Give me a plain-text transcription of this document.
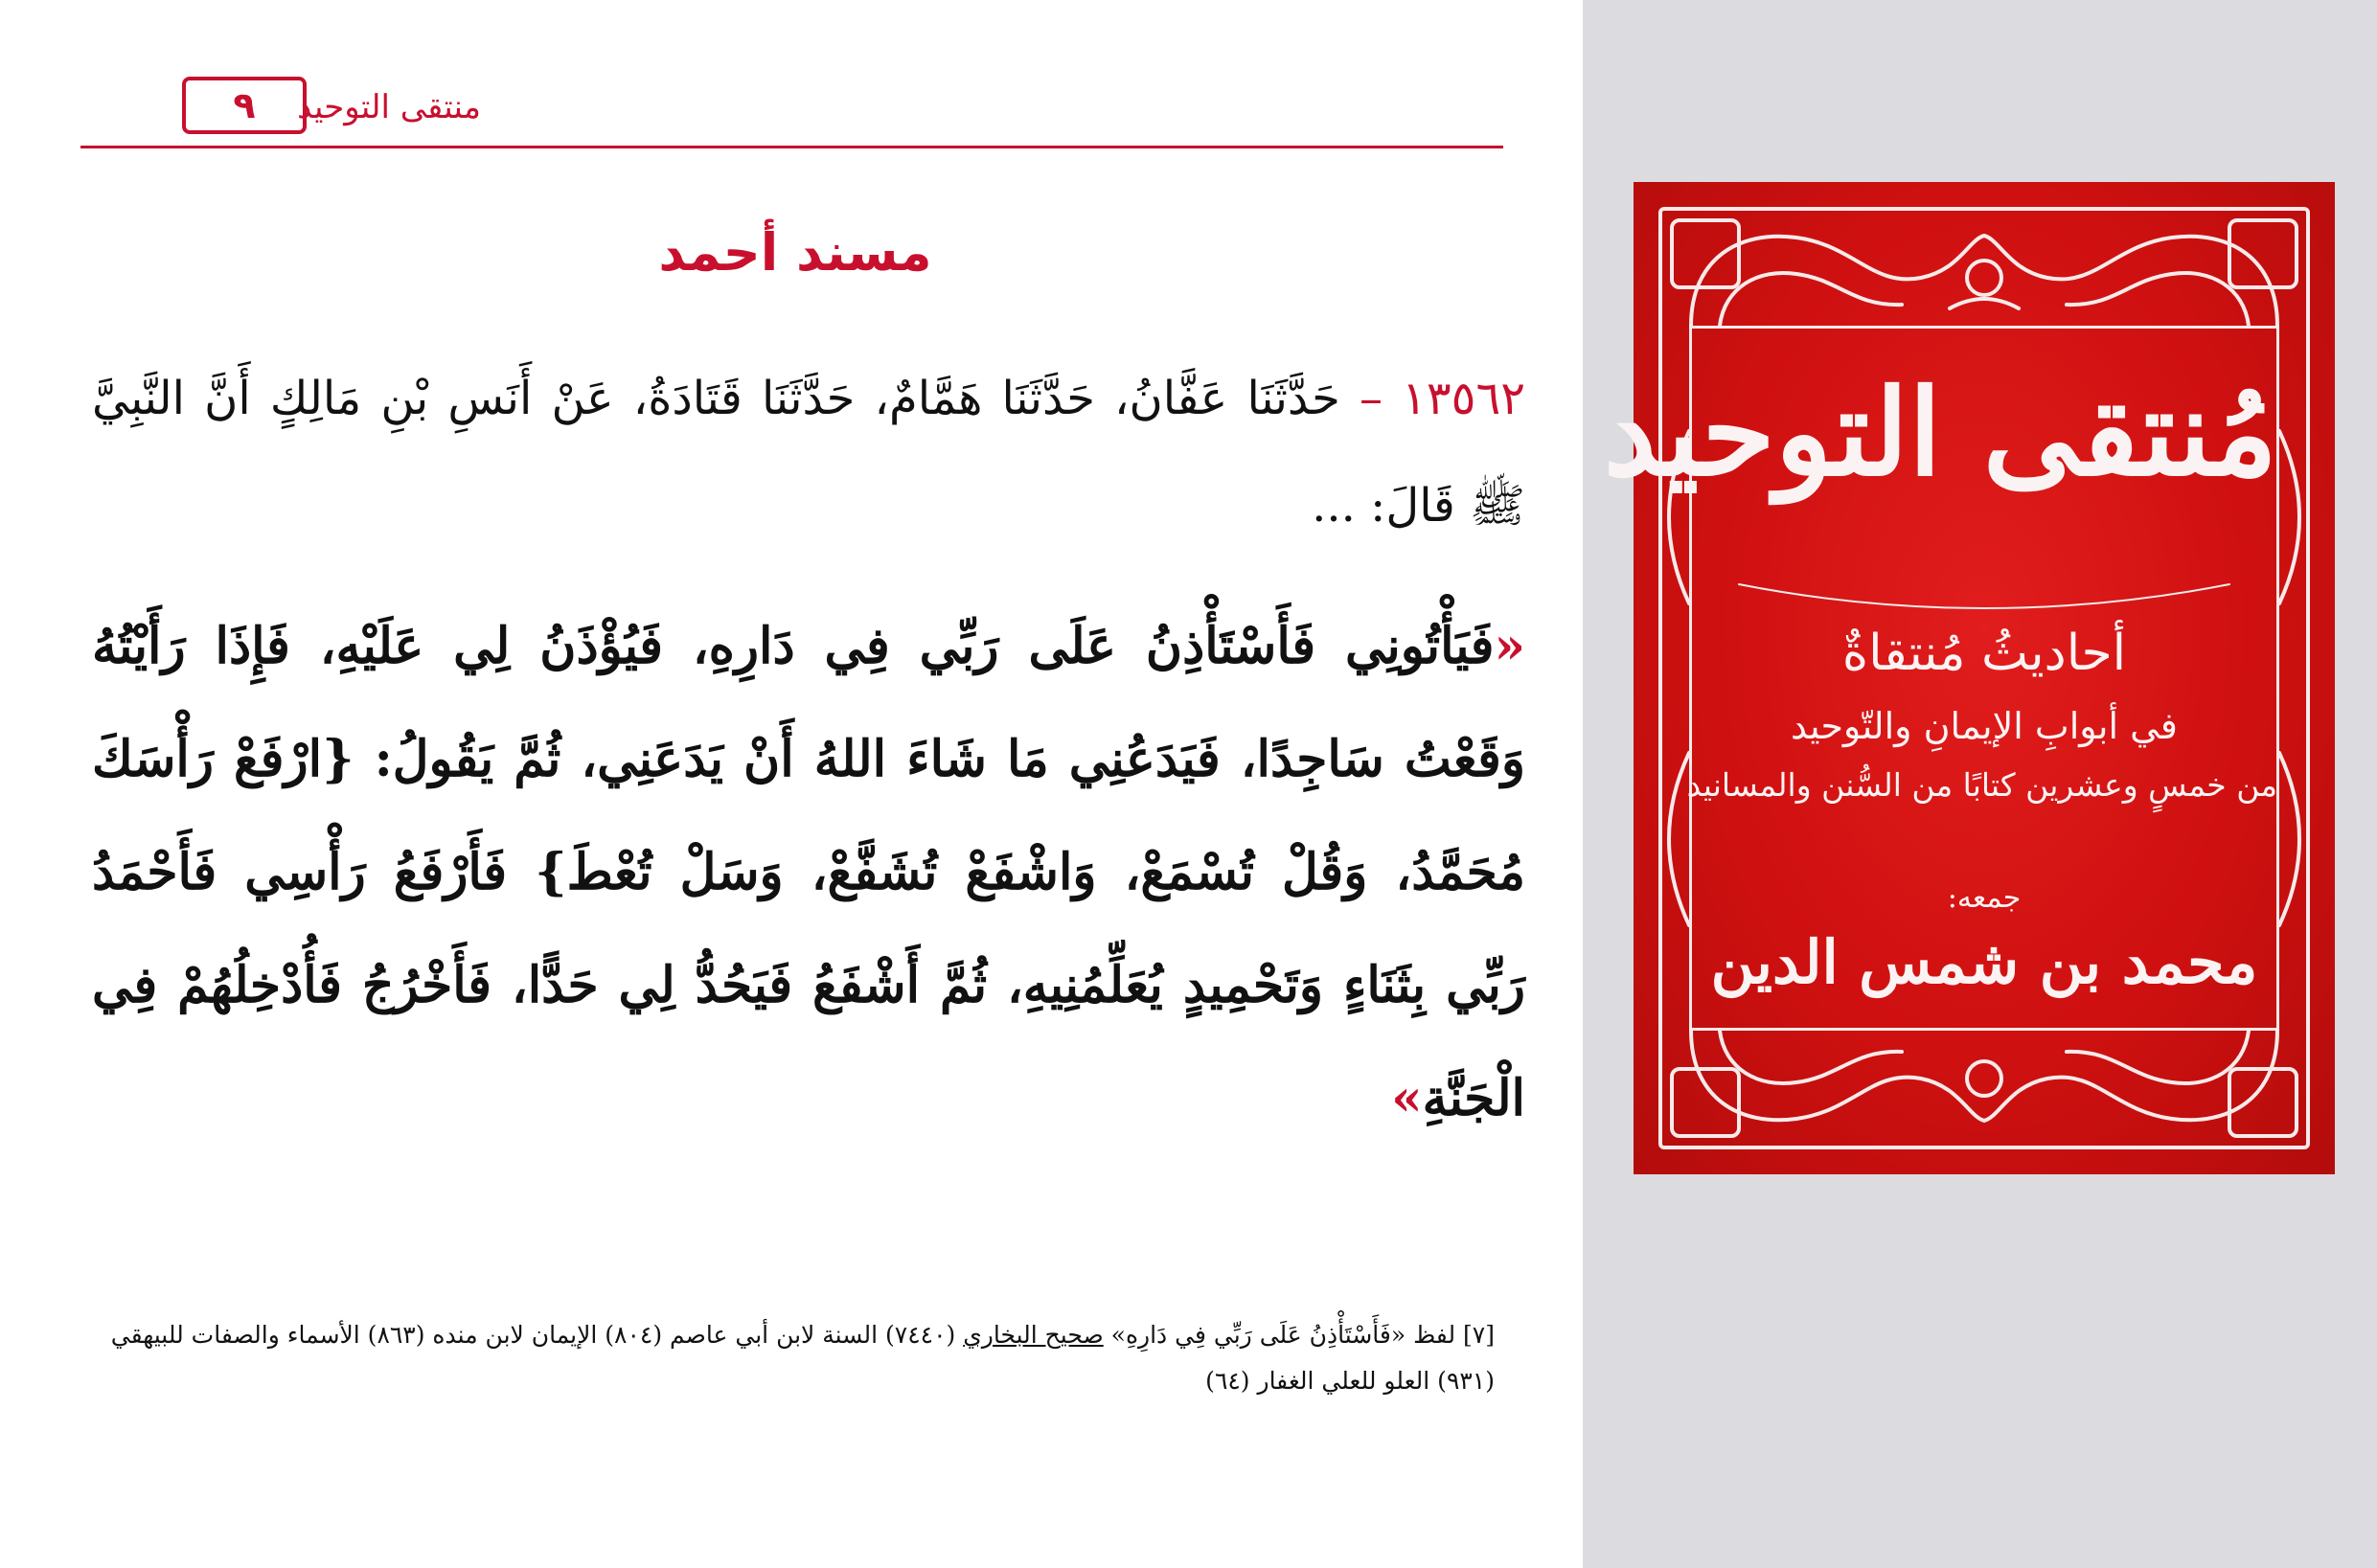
منتقى التوحيد
٩
مسند أحمد
١٣٥٦٢ – حَدَّثَنَا عَفَّانُ، حَدَّثَنَا هَمَّامٌ، حَدَّثَنَا قَتَادَةُ، عَنْ أَنَسِ بْنِ مَالِكٍ أَنَّ النَّبِيَّ ﷺ قَالَ: ...
«فَيَأْتُونِي فَأَسْتَأْذِنُ عَلَى رَبِّي فِي دَارِهِ، فَيُؤْذَنُ لِي عَلَيْهِ، فَإِذَا رَأَيْتُهُ وَقَعْتُ سَاجِدًا، فَيَدَعُنِي مَا شَاءَ اللهُ أَنْ يَدَعَنِي، ثُمَّ يَقُولُ: {ارْفَعْ رَأْسَكَ مُحَمَّدُ، وَقُلْ تُسْمَعْ، وَاشْفَعْ تُشَفَّعْ، وَسَلْ تُعْطَ} فَأَرْفَعُ رَأْسِي فَأَحْمَدُ رَبِّي بِثَنَاءٍ وَتَحْمِيدٍ يُعَلِّمُنِيهِ، ثُمَّ أَشْفَعُ فَيَحُدُّ لِي حَدًّا، فَأَخْرُجُ فَأُدْخِلُهُمْ فِي الْجَنَّةِ»
[٧] لفظ «فَأَسْتَأْذِنُ عَلَى رَبِّي فِي دَارِهِ» صحيح البخاري (٧٤٤٠) السنة لابن أبي عاصم (٨٠٤) الإيمان لابن منده (٨٦٣) الأسماء والصفات للبيهقي (٩٣١) العلو للعلي الغفار (٦٤)
مُنتقى التوحيد
أحاديثُ مُنتقاةٌ
في أبوابِ الإيمانِ والتّوحيد
من خمسٍ وعشرين كتابًا من السُّنن والمسانيد
جمعه:
محمد بن شمس الدين
